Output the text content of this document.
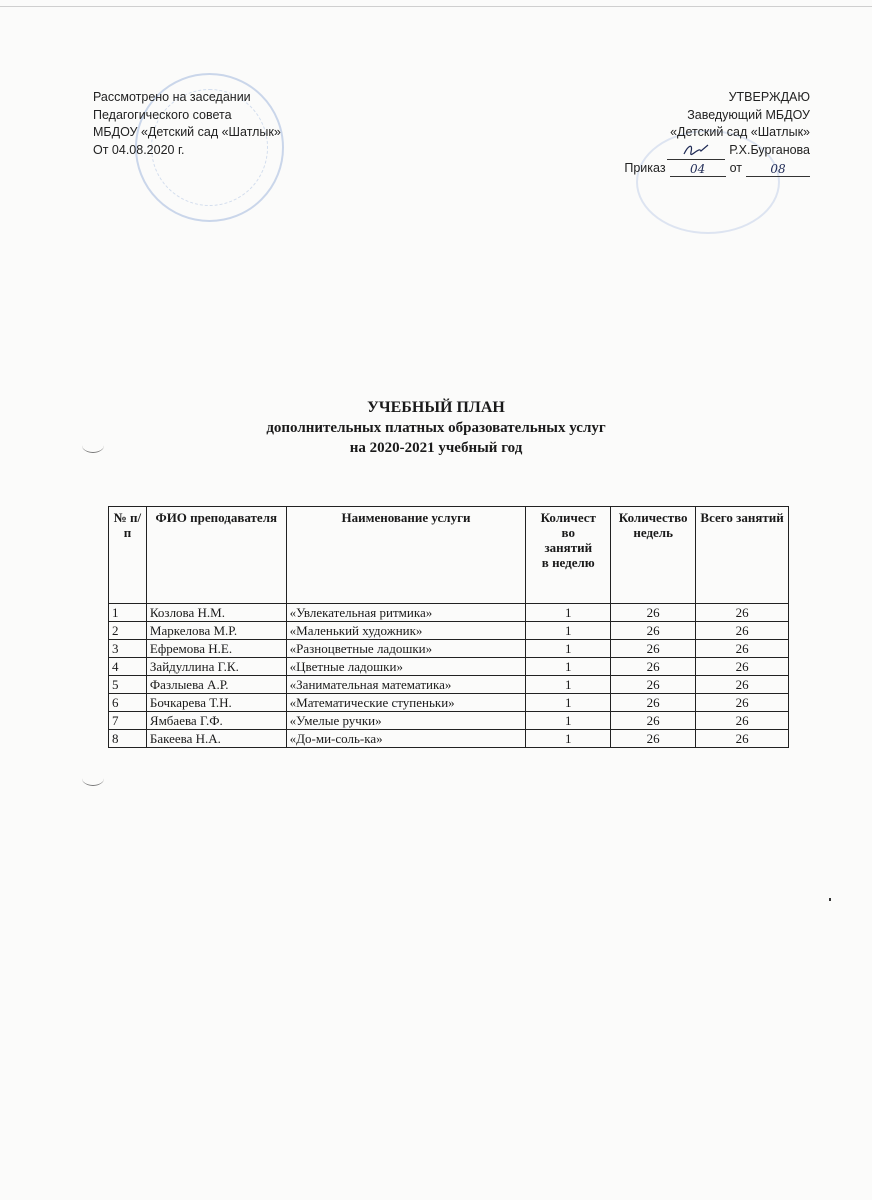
Рассмотрено на заседании
Педагогического совета
МБДОУ «Детский сад «Шатлык»
От 04.08.2020 г.
УТВЕРЖДАЮ
Заведующий МБДОУ
«Детский сад «Шатлык»
Р.Х.Бурганова
Приказ	04	от	08
УЧЕБНЫЙ ПЛАН
дополнительных платных образовательных услуг
на 2020-2021 учебный год
№ п/п	ФИО преподавателя	Наименование услуги	Количест
во
занятий
в неделю	Количество недель	Всего занятий
1	Козлова Н.М.	«Увлекательная ритмика»	1	26	26
2	Маркелова М.Р.	«Маленький художник»	1	26	26
3	Ефремова Н.Е.	«Разноцветные ладошки»	1	26	26
4	Зайдуллина Г.К.	«Цветные ладошки»	1	26	26
5	Фазлыева А.Р.	«Занимательная математика»	1	26	26
6	Бочкарева Т.Н.	«Математические ступеньки»	1	26	26
7	Ямбаева Г.Ф.	«Умелые ручки»	1	26	26
8	Бакеева Н.А.	«До-ми-соль-ка»	1	26	26
